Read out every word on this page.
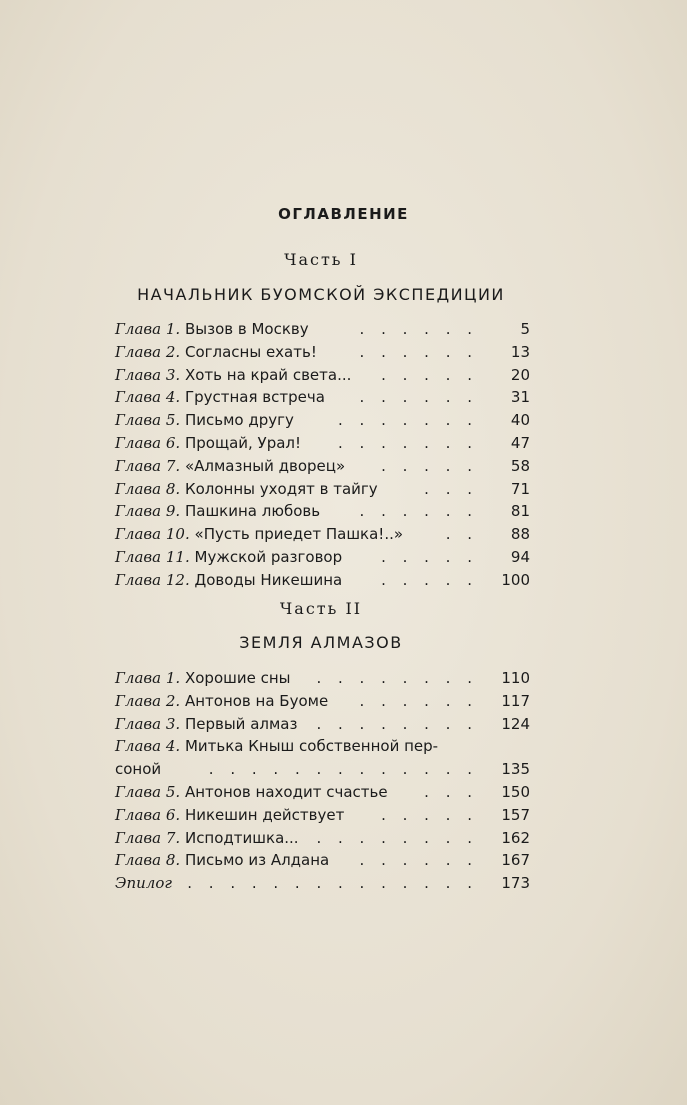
ОГЛАВЛЕНИЕ
Часть I
НАЧАЛЬНИК БУОМСКОЙ ЭКСПЕДИЦИИ
Глава 1. Вызов в Москву	. . . . . .	5
Глава 2. Согласны ехать!	. . . . . .	13
Глава 3. Хоть на край света... . . . . .	20
Глава 4. Грустная встреча . . . . . .	31
Глава 5. Письмо другу	. . . . . . .	40
Глава 6. Прощай, Урал! . . . . . . .	47
Глава 7. «Алмазный дворец» . . . . .	58
Глава 8. Колонны уходят в тайгу	. . .	71
Глава 9. Пашкина любовь	. . . . . .	81
Глава 10. «Пусть приедет Пашка!..»	. .	88
Глава 11. Мужской разговор	. . . . .	94
Глава 12. Доводы Никешина	. . . . .	100
Часть II
ЗЕМЛЯ АЛМАЗОВ
Глава 1. Хорошие сны . . . . . . . .	110
Глава 2. Антонов на Буоме . . . . . .	117
Глава 3. Первый алмаз . . . . . . . .	124
Глава 4. Митька Кныш собственной пер-
соной	. . . . . . . . . . . . .	135
Глава 5. Антонов находит счастье . . .	150
Глава 6. Никешин действует . . . . .	157
Глава 7. Исподтишка... . . . . . . . .	162
Глава 8. Письмо из Алдана . . . . . .	167
Эпилог . . . . . . . . . . . . . .	173
